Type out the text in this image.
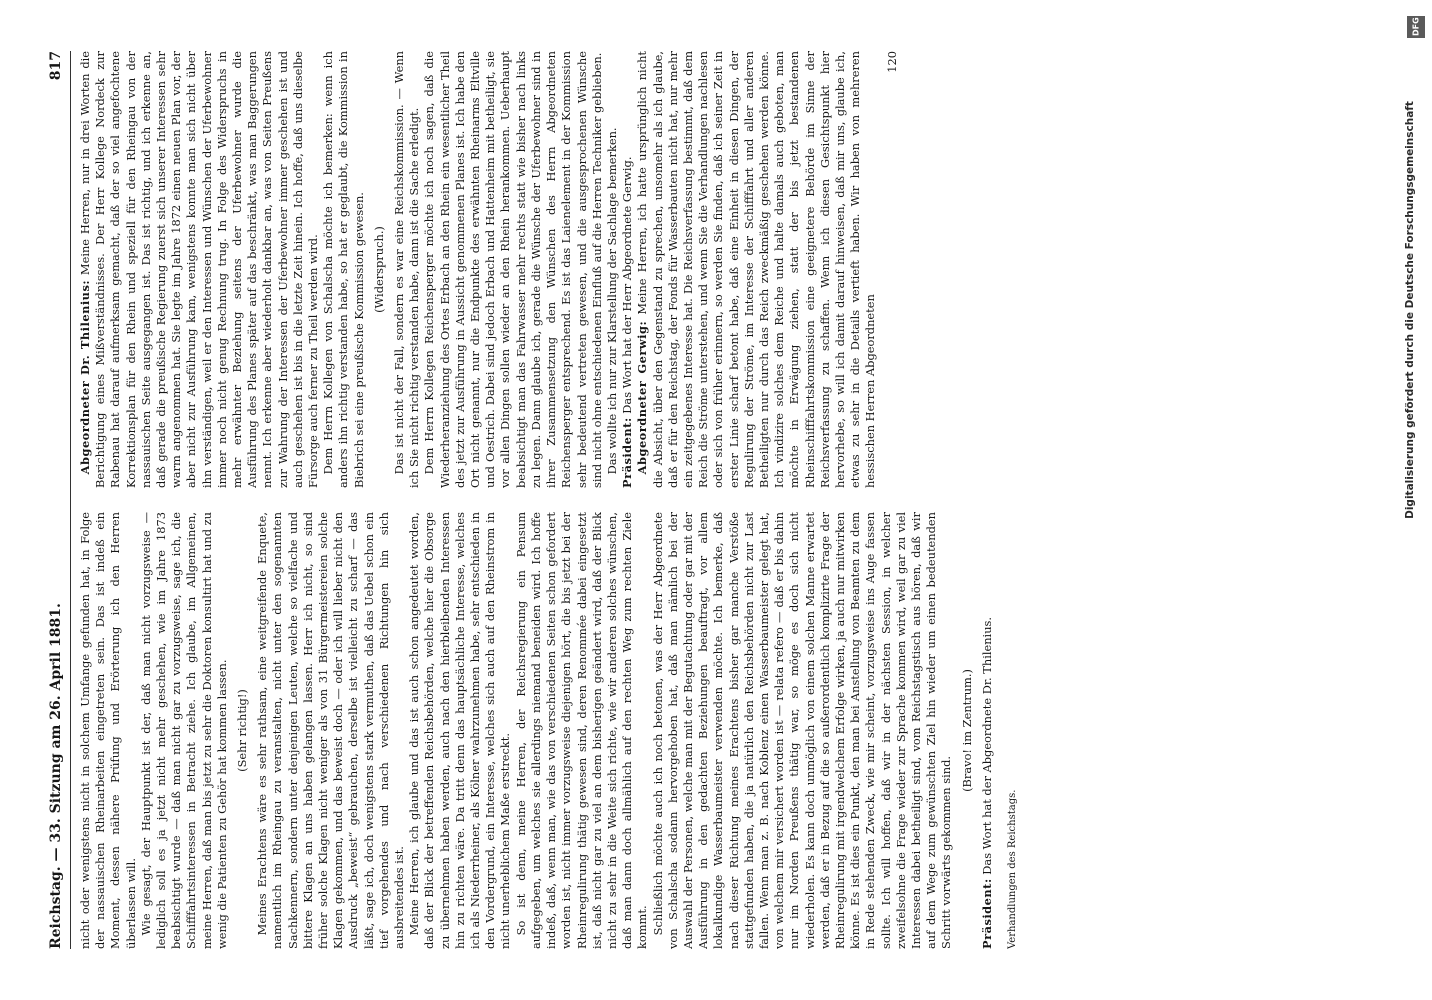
Reichstag. — 33. Sitzung am 26. April 1881.
817

nicht oder wenigstens nicht in solchem Umfange gefunden hat, in Folge der nassauischen Rheinarbeiten eingetreten sein. Das ist indeß ein Moment, dessen nähere Prüfung und Erörterung ich den Herren überlassen will. Wie gesagt, der Hauptpunkt ist der, daß man nicht vorzugsweise — lediglich soll es ja jetzt nicht mehr geschehen, wie im Jahre 1873 beabsichtigt wurde — daß man nicht gar zu vorzugsweise, sage ich, die Schifffahrtsinteressen in Betracht ziehe. Ich glaube, im Allgemeinen, meine Herren, daß man bis jetzt zu sehr die Doktoren konsultirt hat und zu wenig die Patienten zu Gehör hat kommen lassen. (Sehr richtig!) Meines Erachtens wäre es sehr rathsam, eine weitgreifende Enquete, namentlich im Rheingau zu veranstalten, nicht unter den sogenannten Sachkennern, sondern unter denjenigen Leuten, welche so vielfache und bittere Klagen an uns haben gelangen lassen. Herr ich nicht, so sind früher solche Klagen nicht weniger als von 31 Bürgermeistereien solche Klagen gekommen, und das beweist doch — oder ich will lieber nicht den Ausdruck „beweist“ gebrauchen, derselbe ist vielleicht zu scharf — das läßt, sage ich, doch wenigstens stark vermuthen, daß das Uebel schon ein tief vorgehendes und nach verschiedenen Richtungen hin sich ausbreitendes ist. Meine Herren, ich glaube und das ist auch schon angedeutet worden, daß der Blick der betreffenden Reichsbehörden, welche hier die Obsorge zu übernehmen haben werden, auch nach den hierbleibenden Interessen hin zu richten wäre. Da tritt denn das hauptsächliche Interesse, welches ich als Niederrheiner, als Kölner wahrzunehmen habe, sehr entschieden in den Vordergrund, ein Interesse, welches sich auch auf den Rheinstrom in nicht unerheblichem Maße erstreckt. So ist denn, meine Herren, der Reichsregierung ein Pensum aufgegeben, um welches sie allerdings niemand beneiden wird. Ich hoffe indeß, daß, wenn man, wie das von verschiedenen Seiten schon gefordert worden ist, nicht immer vorzugsweise diejenigen hört, die bis jetzt bei der Rheinregulirung thätig gewesen sind, deren Renommée dabei eingesetzt ist, daß nicht gar zu viel an dem bisherigen geändert wird, daß der Blick nicht zu sehr in die Weite sich richte, wie wir anderen solches wünschen, daß man dann doch allmählich auf den rechten Weg zum rechten Ziele kommt. Schließlich möchte auch ich noch betonen, was der Herr Abgeordnete von Schalscha sodann hervorgehoben hat, daß man nämlich bei der Auswahl der Personen, welche man mit der Begutachtung oder gar mit der Ausführung in den gedachten Beziehungen beauftragt, vor allem lokalkundige Wasserbaumeister verwenden möchte. Ich bemerke, daß nach dieser Richtung meines Erachtens bisher gar manche Verstöße stattgefunden haben, die ja natürlich den Reichsbehörden nicht zur Last fallen. Wenn man z. B. nach Koblenz einen Wasserbaumeister gelegt hat, von welchem mir versichert worden ist — relata refero — daß er bis dahin nur im Norden Preußens thätig war, so möge es doch sich nicht wiederholen. Es kann doch unmöglich von einem solchen Manne erwartet werden, daß er in Bezug auf die so außerordentlich komplizirte Frage der Rheinregulirung mit irgendwelchem Erfolge wirken, ja auch nur mitwirken könne. Es ist dies ein Punkt, den man bei Anstellung von Beamten zu dem in Rede stehenden Zweck, wie mir scheint, vorzugsweise ins Auge fassen sollte. Ich will hoffen, daß wir in der nächsten Session, in welcher zweifelsohne die Frage wieder zur Sprache kommen wird, weil gar zu viel Interessen dabei betheiligt sind, vom Reichstagstisch aus hören, daß wir auf dem Wege zum gewünschten Ziel hin wieder um einen bedeutenden Schritt vorwärts gekommen sind.

(Bravo! im Zentrum.)

Präsident: Das Wort hat der Abgeordnete Dr. Thilenius. Verhandlungen des Reichstags.

Abgeordneter Dr. Thilenius: Meine Herren, nur in drei Worten die Berichtigung eines Mißverständnisses. Der Herr Kollege Nordeck zur Rabenau hat darauf aufmerksam gemacht, daß der so viel angefochtene Korrektionsplan für den Rhein und speziell für den Rheingau von der nassauischen Seite ausgegangen ist. Das ist richtig, und ich erkenne an, daß gerade die preußische Regierung zuerst sich unserer Interessen sehr warm angenommen hat. Sie legte im Jahre 1872 einen neuen Plan vor, der aber nicht zur Ausführung kam, wenigstens konnte man sich nicht über ihn verständigen, weil er den Interessen und Wünschen der Uferbewohner immer noch nicht genug Rechnung trug. In Folge des Widerspruchs in mehr erwähnter Beziehung seitens der Uferbewohner wurde die Ausführung des Planes später auf das beschränkt, was man Baggerungen nennt. Ich erkenne aber wiederholt dankbar an, was von Seiten Preußens zur Wahrung der Interessen der Uferbewohner immer geschehen ist und auch geschehen ist bis in die letzte Zeit hinein. Ich hoffe, daß uns dieselbe Fürsorge auch ferner zu Theil werden wird. Dem Herrn Kollegen von Schalscha möchte ich bemerken: wenn ich anders ihn richtig verstanden habe, so hat er geglaubt, die Kommission in Biebrich sei eine preußische Kommission gewesen. (Widerspruch.) Das ist nicht der Fall, sondern es war eine Reichskommission. — Wenn ich Sie nicht richtig verstanden habe, dann ist die Sache erledigt. Dem Herrn Kollegen Reichensperger möchte ich noch sagen, daß die Wiederheranziehung des Ortes Erbach an den Rhein ein wesentlicher Theil des jetzt zur Ausführung in Aussicht genommenen Planes ist. Ich habe den Ort nicht genannt, nur die Endpunkte des erwähnten Rheinarms Eltville und Oestrich. Dabei sind jedoch Erbach und Hattenheim mit betheiligt, sie vor allen Dingen sollen wieder an den Rhein herankommen. Ueberhaupt beabsichtigt man das Fahrwasser mehr rechts statt wie bisher nach links zu legen. Dann glaube ich, gerade die Wünsche der Uferbewohner sind in ihrer Zusammensetzung den Wünschen des Herrn Abgeordneten Reichensperger entsprechend. Es ist das Laienelement in der Kommission sehr bedeutend vertreten gewesen, und die ausgesprochenen Wünsche sind nicht ohne entschiedenen Einfluß auf die Herren Techniker geblieben. Das wollte ich nur zur Klarstellung der Sachlage bemerken. Präsident: Das Wort hat der Herr Abgeordnete Gerwig. Abgeordneter Gerwig: Meine Herren, ich hatte ursprünglich nicht die Absicht, über den Gegenstand zu sprechen, unsomehr als ich glaube, daß er für den Reichstag, der Fonds für Wasserbauten nicht hat, nur mehr ein zeitgegebenes Interesse hat. Die Reichsverfassung bestimmt, daß dem Reich die Ströme unterstehen, und wenn Sie die Verhandlungen nachlesen oder sich von früher erinnern, so werden Sie finden, daß ich seiner Zeit in erster Linie scharf betont habe, daß eine Einheit in diesen Dingen, der Regulirung der Ströme, im Interesse der Schifffahrt und aller anderen Betheiligten nur durch das Reich zweckmäßig geschehen werden könne. Ich vindizire solches dem Reiche und halte damals auch geboten, man möchte in Erwägung ziehen, statt der bis jetzt bestandenen Rheinschifffahrtskommission eine geeignetere Behörde im Sinne der Reichsverfassung zu schaffen. Wenn ich diesen Gesichtspunkt hier hervorhebe, so will ich damit darauf hinweisen, daß mir uns, glaube ich, etwas zu sehr in die Details vertieft haben. Wir haben von mehreren hessischen Herren Abgeordneten

120

Digitalisierung gefördert durch die Deutsche Forschungsgemeinschaft
DFG
